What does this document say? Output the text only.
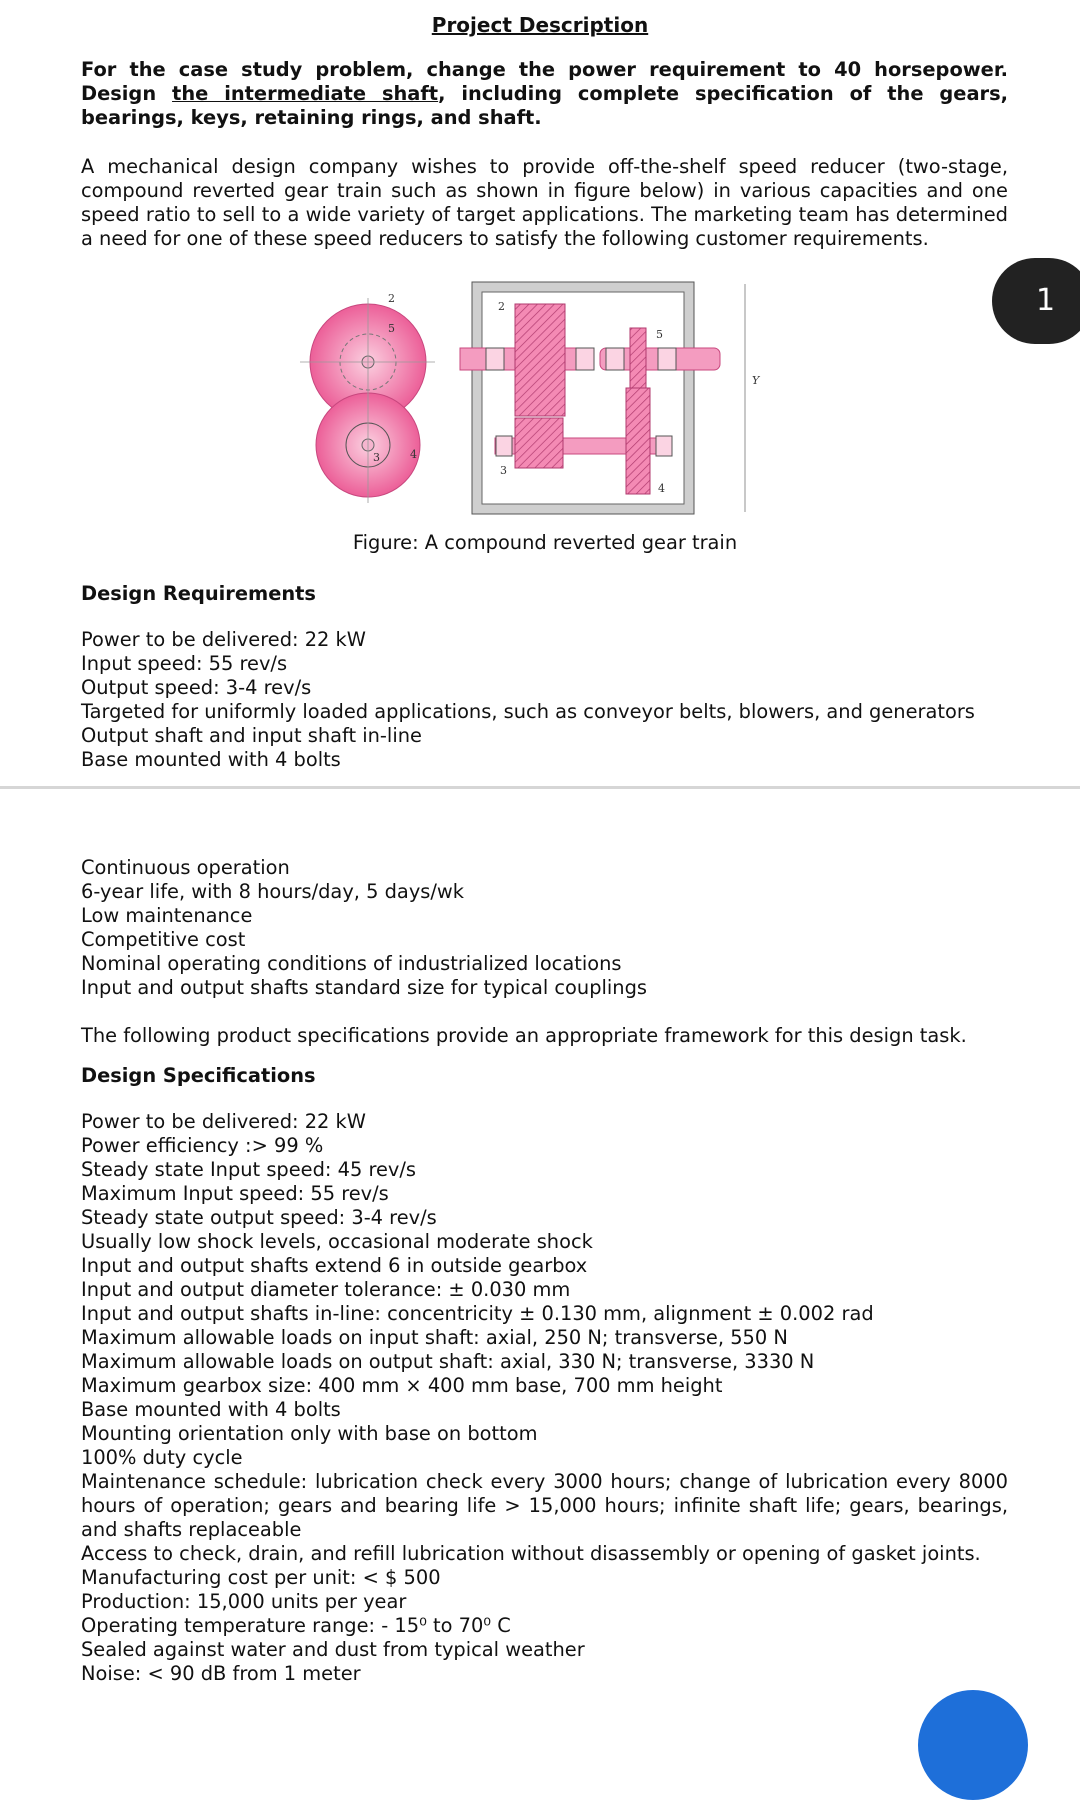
Project Description
For the case study problem, change the power requirement to 40 horsepower. Design the intermediate shaft, including complete specification of the gears, bearings, keys, retaining rings, and shaft.
A mechanical design company wishes to provide off-the-shelf speed reducer (two-stage, compound reverted gear train such as shown in figure below) in various capacities and one speed ratio to sell to a wide variety of target applications. The marketing team has determined a need for one of these speed reducers to satisfy the following customer requirements.
1
2
5
4
3
Y
2
3
5
4
Figure: A compound reverted gear train
Design Requirements
Power to be delivered: 22 kW
Input speed: 55 rev/s
Output speed: 3-4 rev/s
Targeted for uniformly loaded applications, such as conveyor belts, blowers, and generators
Output shaft and input shaft in-line
Base mounted with 4 bolts
Continuous operation
6-year life, with 8 hours/day, 5 days/wk
Low maintenance
Competitive cost
Nominal operating conditions of industrialized locations
Input and output shafts standard size for typical couplings
The following product specifications provide an appropriate framework for this design task.
Design Specifications
Power to be delivered: 22 kW
Power efficiency :> 99 %
Steady state Input speed: 45 rev/s
Maximum Input speed: 55 rev/s
Steady state output speed: 3-4 rev/s
Usually low shock levels, occasional moderate shock
Input and output shafts extend 6 in outside gearbox
Input and output diameter tolerance: ± 0.030 mm
Input and output shafts in-line: concentricity ± 0.130 mm, alignment ± 0.002 rad
Maximum allowable loads on input shaft: axial, 250 N; transverse, 550 N
Maximum allowable loads on output shaft: axial, 330 N; transverse, 3330 N
Maximum gearbox size: 400 mm × 400 mm base, 700 mm height
Base mounted with 4 bolts
Mounting orientation only with base on bottom
100% duty cycle
Maintenance schedule: lubrication check every 3000 hours; change of lubrication every 8000 hours of operation; gears and bearing life > 15,000 hours; infinite shaft life; gears, bearings, and shafts replaceable
Access to check, drain, and refill lubrication without disassembly or opening of gasket joints.
Manufacturing cost per unit: < $ 500
Production: 15,000 units per year
Operating temperature range: - 15⁰ to 70⁰ C
Sealed against water and dust from typical weather
Noise: < 90 dB from 1 meter
